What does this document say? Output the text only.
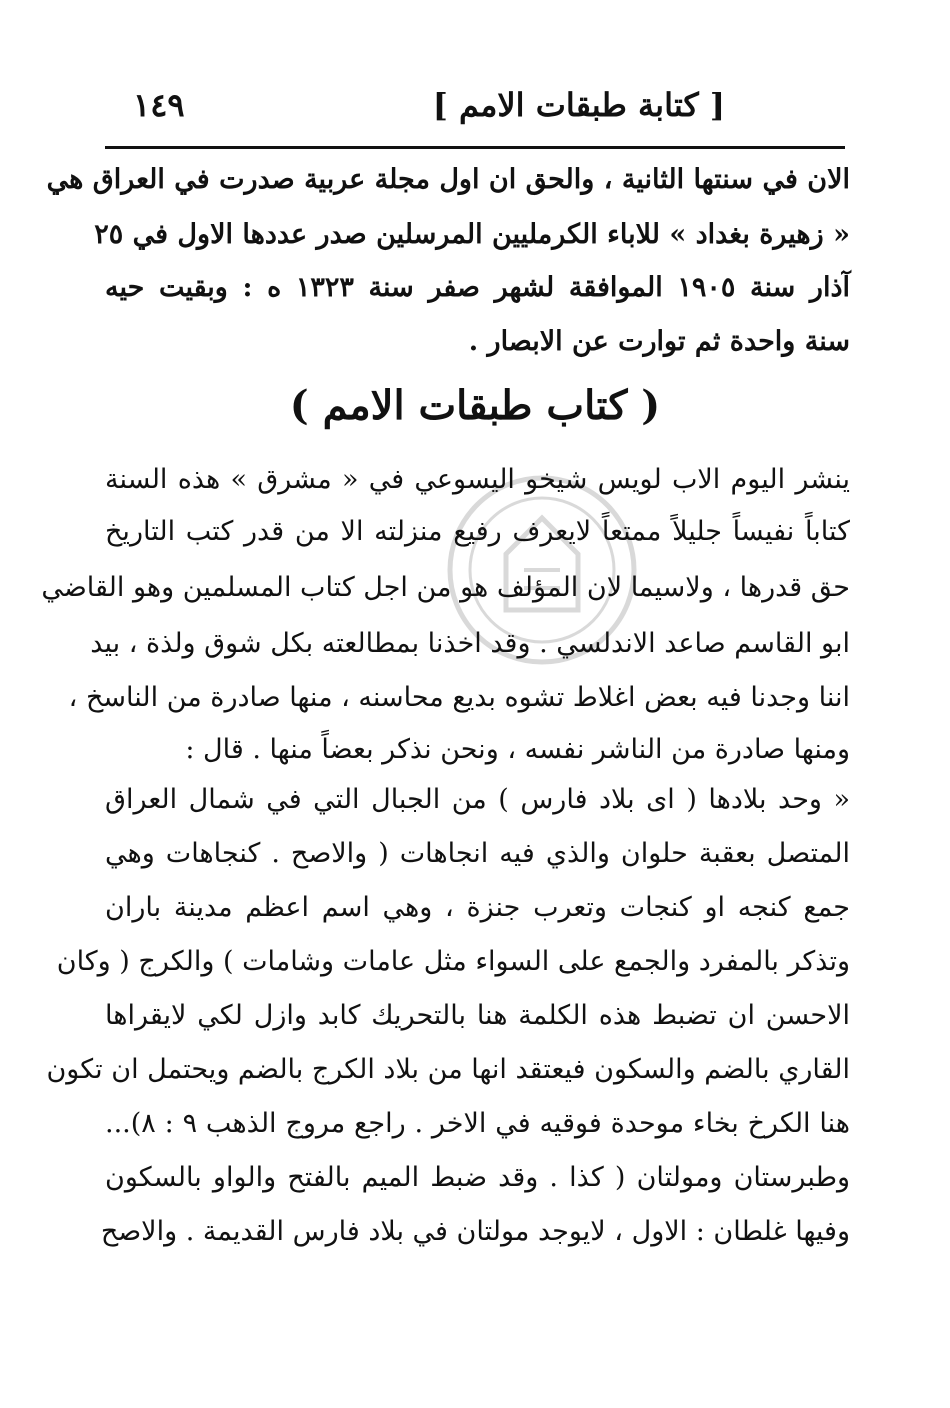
[ كتابة طبقات الامم ]
١٤٩
الان في سنتها الثانية ، والحق ان اول مجلة عربية صدرت في العراق هي
« زهيرة بغداد » للاباء الكرمليين المرسلين صدر عددها الاول في ٢٥
آذار سنة ١٩٠٥ الموافقة لشهر صفر سنة ١٣٢٣ ه : وبقيت حيه
سنة واحدة ثم توارت عن الابصار .
( كتاب طبقات الامم )
ينشر اليوم الاب لويس شيخو اليسوعي في « مشرق » هذه السنة
كتاباً نفيساً جليلاً ممتعاً لايعرف رفيع منزلته الا من قدر كتب التاريخ
حق قدرها ، ولاسيما لان المؤلف هو من اجل كتاب المسلمين وهو القاضي
ابو القاسم صاعد الاندلسي . وقد اخذنا بمطالعته بكل شوق ولذة ، بيد
اننا وجدنا فيه بعض اغلاط تشوه بديع محاسنه ، منها صادرة من الناسخ ،
ومنها صادرة من الناشر نفسه ، ونحن نذكر بعضاً منها . قال :
« وحد بلادها ( اى بلاد فارس ) من الجبال التي في شمال العراق
المتصل بعقبة حلوان والذي فيه انجاهات ( والاصح . كنجاهات وهي
جمع كنجه او كنجات وتعرب جنزة ، وهي اسم اعظم مدينة باران
وتذكر بالمفرد والجمع على السواء مثل عامات وشامات ) والكرج ( وكان
الاحسن ان تضبط هذه الكلمة هنا بالتحريك كابد وازل لكي لايقراها
القاري بالضم والسكون فيعتقد انها من بلاد الكرج بالضم ويحتمل ان تكون
هنا الكرخ بخاء موحدة فوقيه في الاخر . راجع مروج الذهب ٩ : ٨)...
وطبرستان ومولتان ( كذا . وقد ضبط الميم بالفتح والواو بالسكون
وفيها غلطان : الاول ، لايوجد مولتان في بلاد فارس القديمة . والاصح
